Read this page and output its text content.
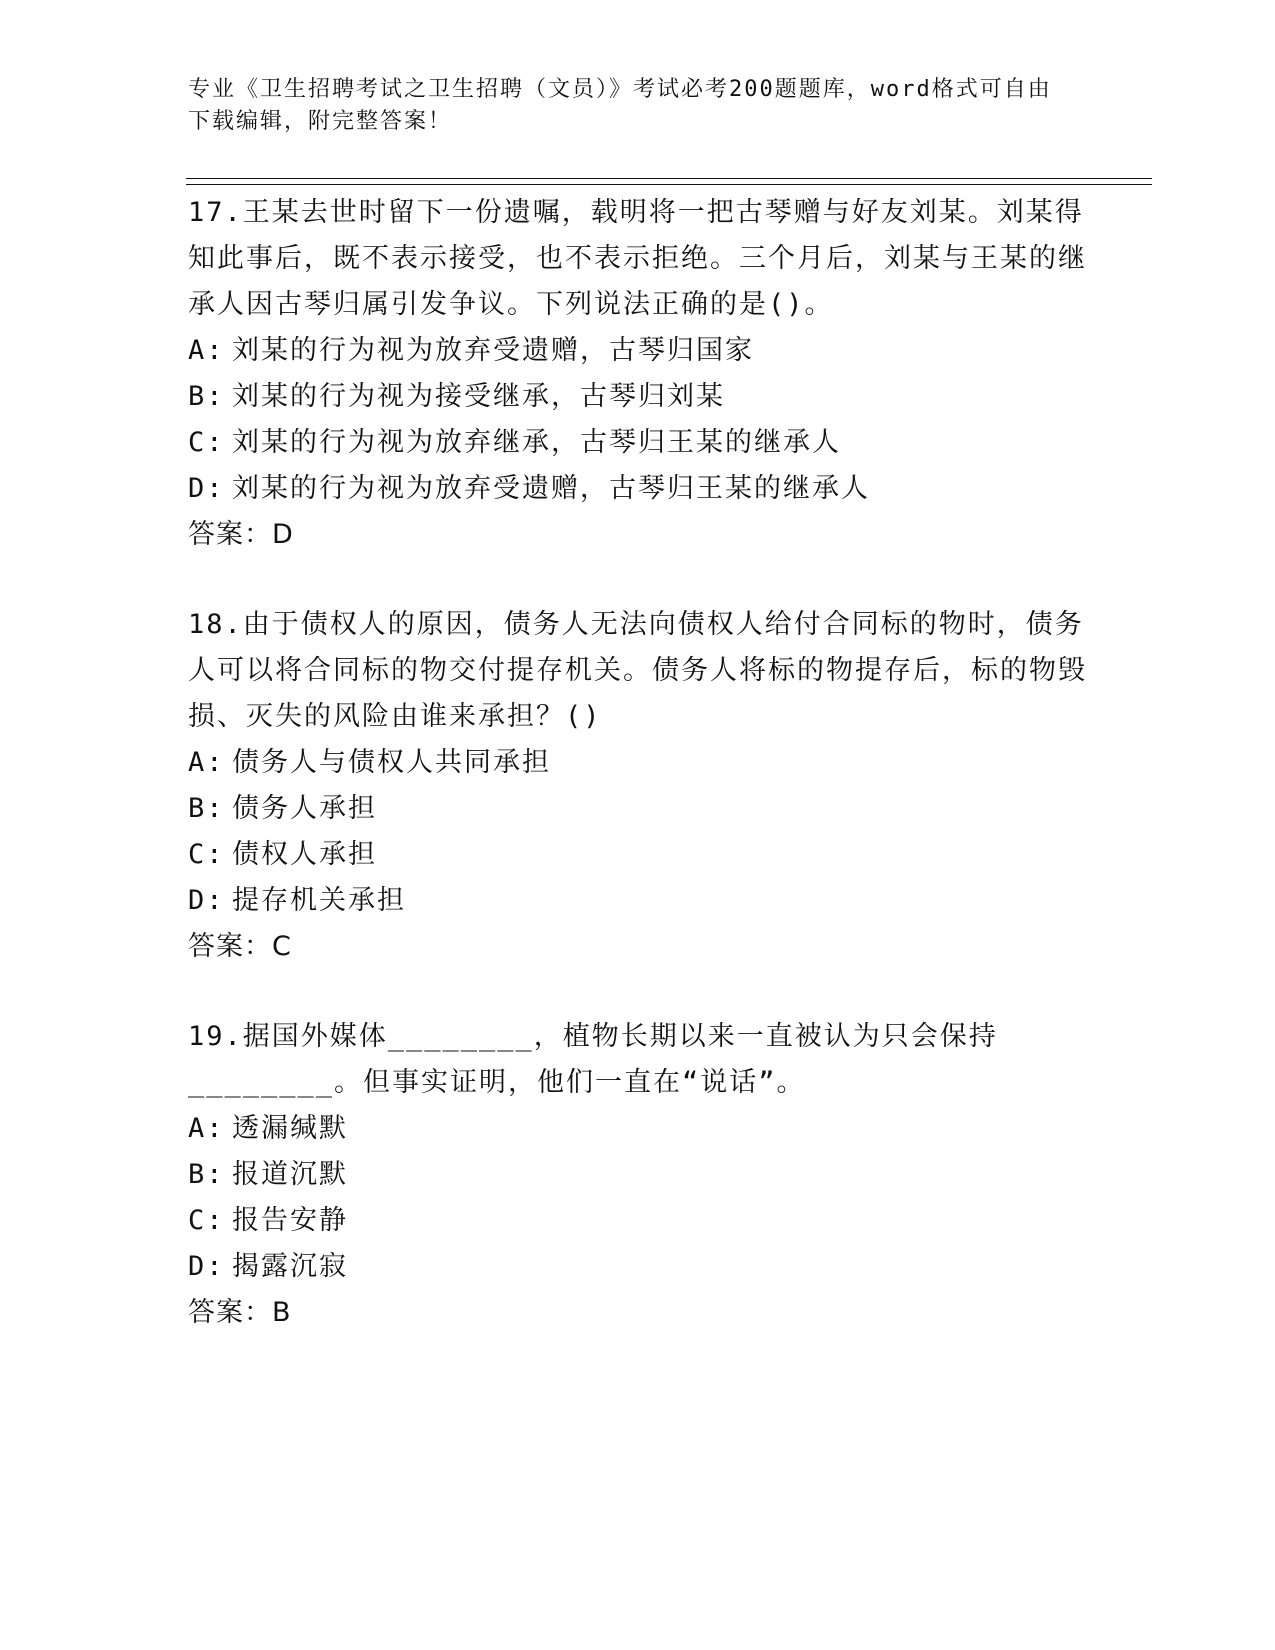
专业《卫生招聘考试之卫生招聘（文员）》考试必考200题题库，word格式可自由下载编辑，附完整答案！
17.王某去世时留下一份遗嘱，载明将一把古琴赠与好友刘某。刘某得知此事后，既不表示接受，也不表示拒绝。三个月后，刘某与王某的继承人因古琴归属引发争议。下列说法正确的是()。
A: 刘某的行为视为放弃受遗赠，古琴归国家
B: 刘某的行为视为接受继承，古琴归刘某
C: 刘某的行为视为放弃继承，古琴归王某的继承人
D: 刘某的行为视为放弃受遗赠，古琴归王某的继承人
答案：D
18.由于债权人的原因，债务人无法向债权人给付合同标的物时，债务人可以将合同标的物交付提存机关。债务人将标的物提存后，标的物毁损、灭失的风险由谁来承担？()
A: 债务人与债权人共同承担
B: 债务人承担
C: 债权人承担
D: 提存机关承担
答案：C
19.据国外媒体________，植物长期以来一直被认为只会保持________。但事实证明，他们一直在“说话”。
A: 透漏缄默
B: 报道沉默
C: 报告安静
D: 揭露沉寂
答案：B
